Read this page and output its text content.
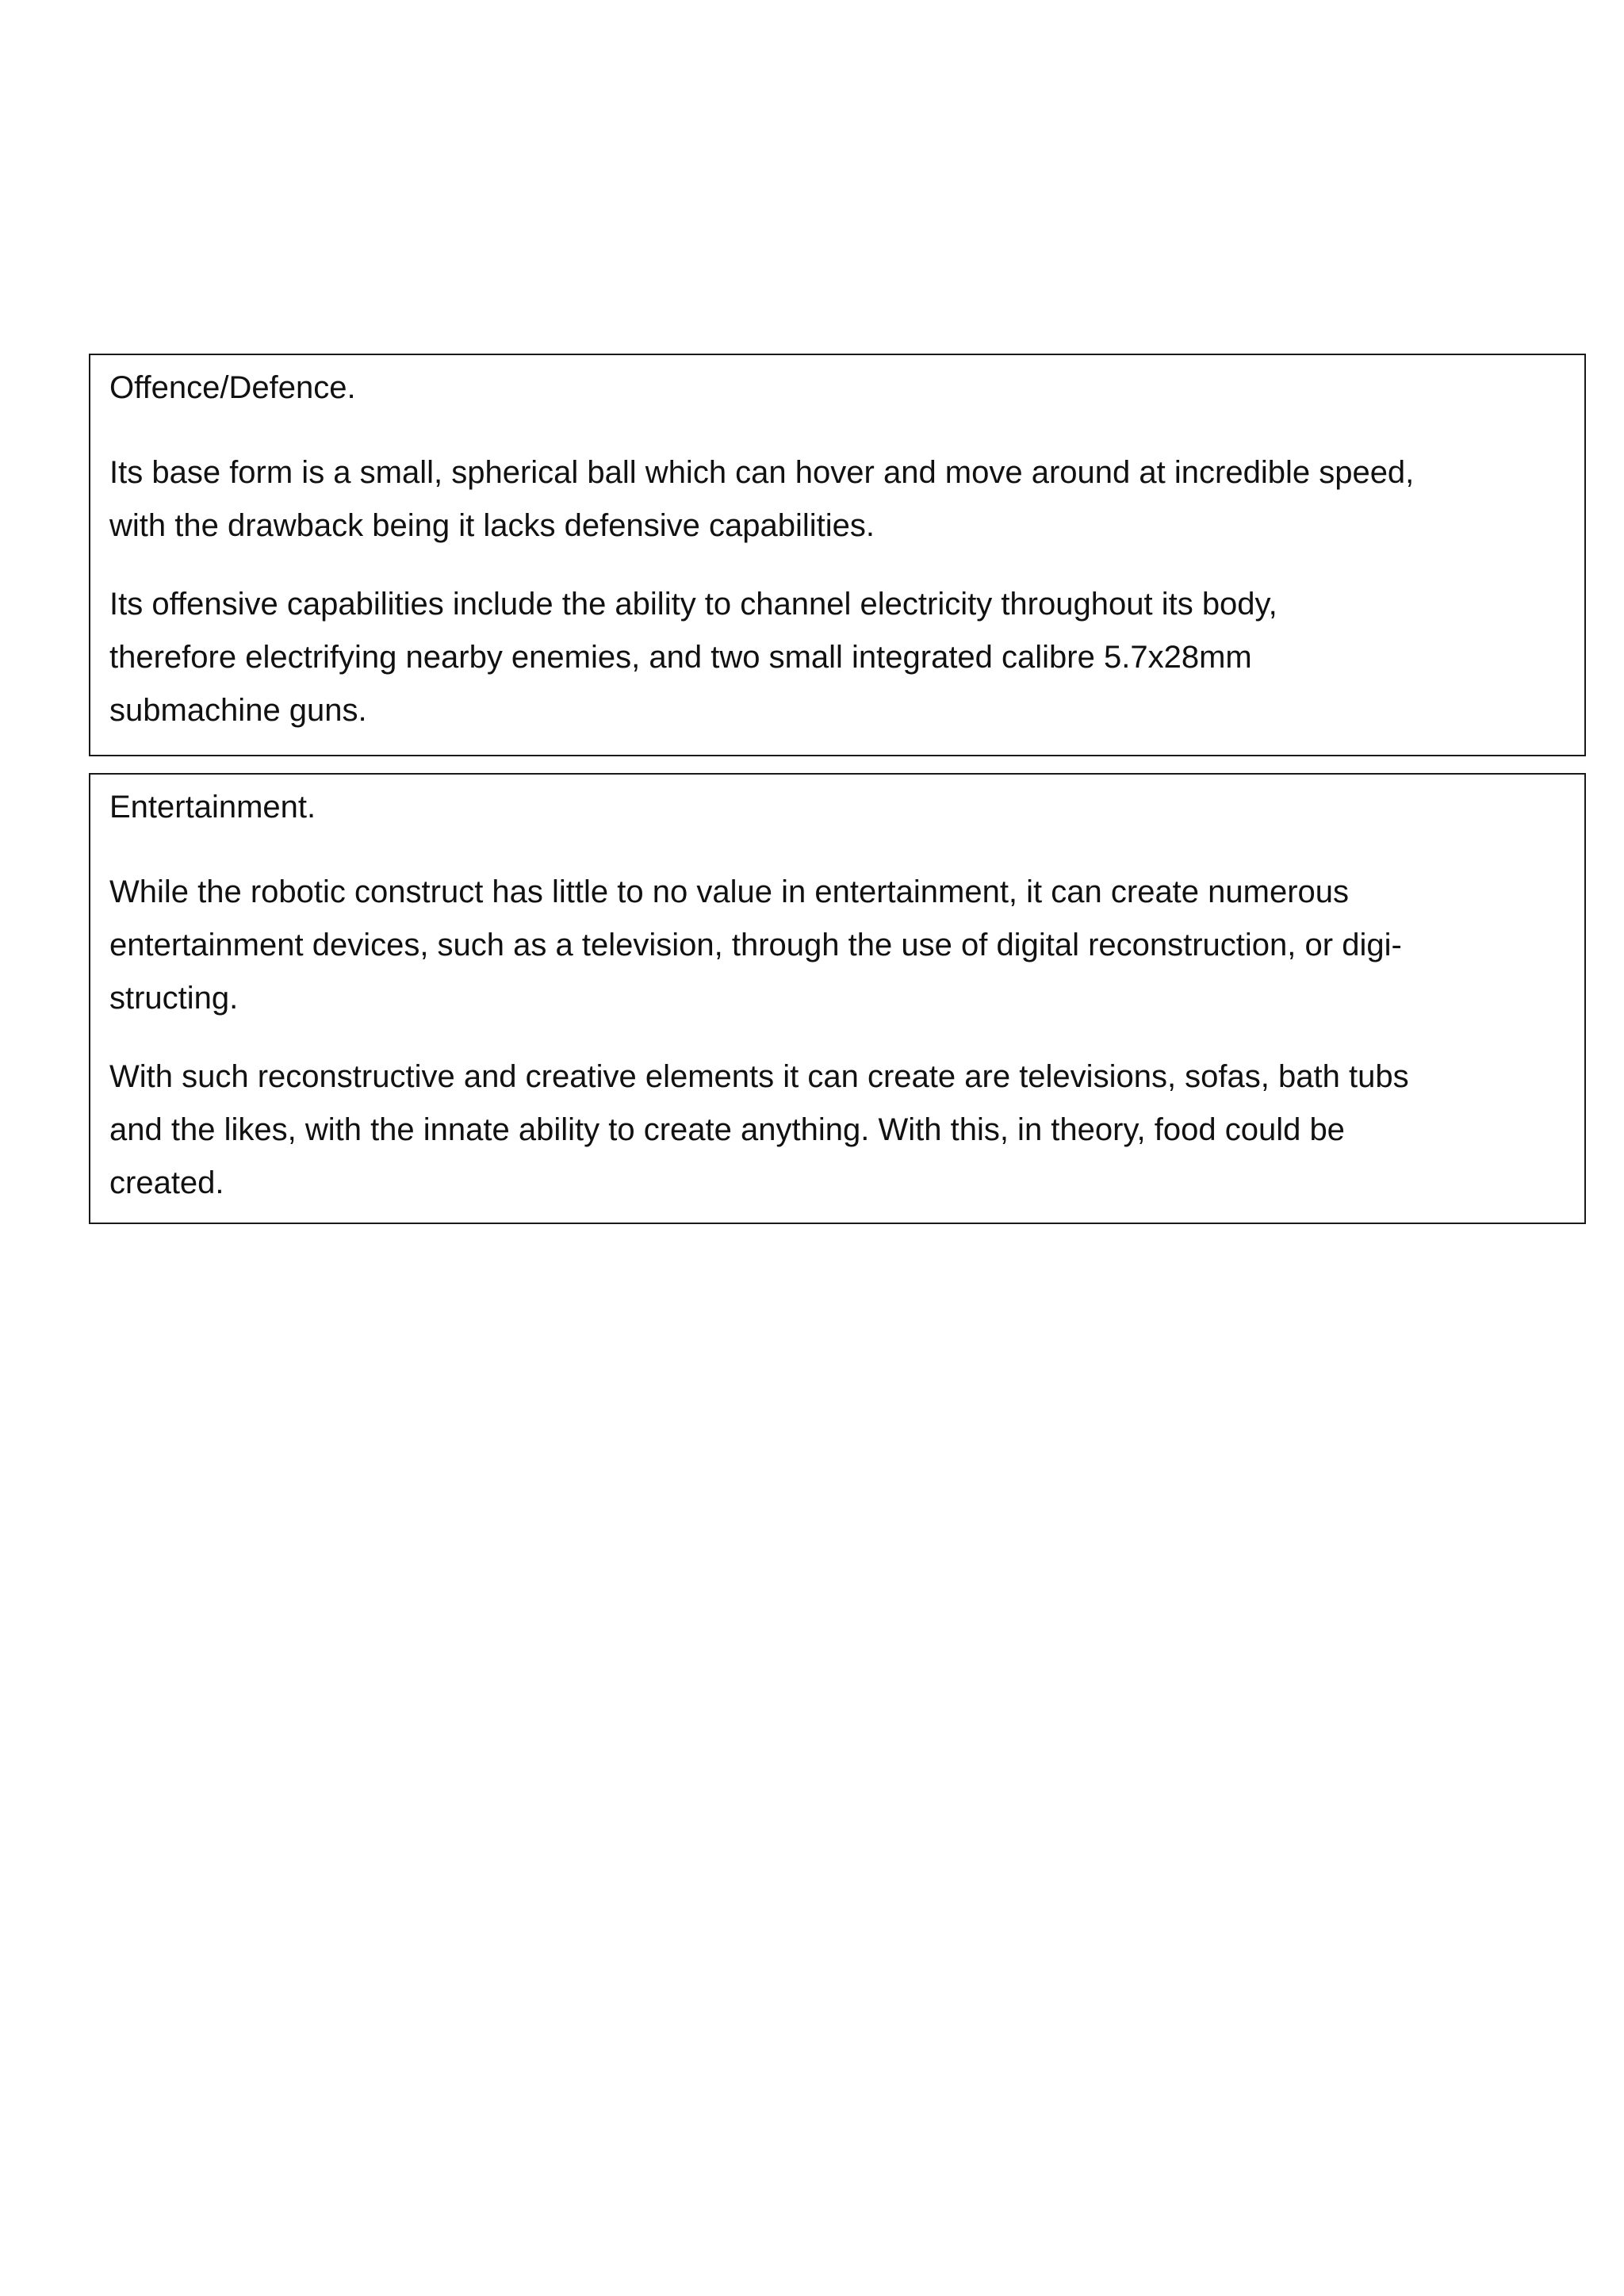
Offence/Defence.

Its base form is a small, spherical ball which can hover and move around at incredible speed,
with the drawback being it lacks defensive capabilities.

Its offensive capabilities include the ability to channel electricity throughout its body,
therefore electrifying nearby enemies, and two small integrated calibre 5.7x28mm
submachine guns.

Entertainment.

While the robotic construct has little to no value in entertainment, it can create numerous
entertainment devices, such as a television, through the use of digital reconstruction, or digi-
structing.

With such reconstructive and creative elements it can create are televisions, sofas, bath tubs
and the likes, with the innate ability to create anything. With this, in theory, food could be
created.
